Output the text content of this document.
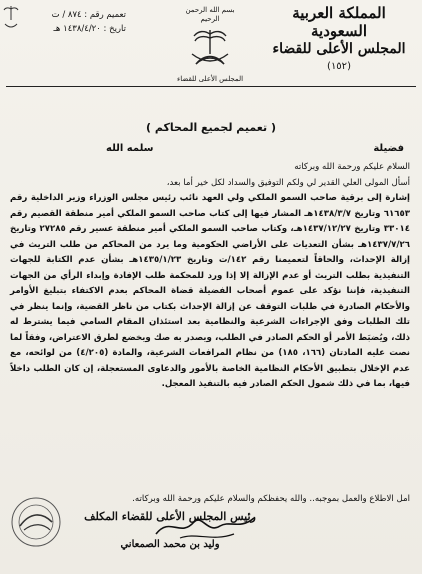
المملكة العربية السعودية
المجلس الأعلى للقضاء
(١٥٢)
بسم الله الرحمن الرحيم
المجلس الأعلى للقضاء
تعميم رقم : ٨٧٤ / ت
تاريخ : ١٤٣٨/٤/٢٠ هـ
( تعميم لجميع المحاكم )
فضيلة
سلمه الله

السلام عليكم ورحمة الله وبركاته

أسأل المولى العلي القدير لي ولكم التوفيق والسداد لكل خير أما بعد،

إشارة إلى برقية صاحب السمو الملكي ولي العهد نائب رئيس مجلس الوزراء وزير الداخلية رقم ٦١٦٥٣ وتاريخ ١٤٣٨/٣/٧هـ المشار فيها إلى كتاب صاحب السمو الملكي أمير منطقة القصيم رقم ٣٣٠١٤ وتاريخ ١٤٣٧/١٢/٢٧هـ، وكتاب صاحب السمو الملكي أمير منطقة عسير رقم ٢٧٢٨٥ وتاريخ ١٤٣٧/٧/٢٦هـ بشأن التعديات على الأراضي الحكومية وما يرد من المحاكم من طلب التريث في إزالة الإحداث، والحاقاً لتعميمنا رقم ١٤٢/ت وتاريخ ١٤٣٥/١/٢٣هـ بشأن عدم الكتابة للجهات التنفيذية بطلب التريث أو عدم الإزالة إلا إذا ورد للمحكمة طلب الإفادة وإبداء الرأي من الجهات التنفيذية، فإننا نؤكد على عموم أصحاب الفضيلة قضاة المحاكم بعدم الاكتفاء بتبليغ الأوامر والأحكام الصادرة في طلبات التوقف عن إزالة الإحداث بكتاب من ناظر القضية، وإنما ينظر في تلك الطلبات وفق الإجراءات الشرعية والنظامية بعد استئذان المقام السامي فيما يشترط له ذلك، ويُضبَط الأمر أو الحكم الصادر في الطلب، ويصدر به صك ويخضع لطرق الاعتراض، وفقاً لما نصت عليه المادتان (١٦٦، ١٨٥) من نظام المرافعات الشرعية، والمادة (٤/٢٠٥) من لوائحه، مع عدم الإخلال بتطبيق الأحكام النظامية الخاصة بالأمور والدعاوى المستعجلة، إن كان الطلب داخلاً فيها، بما في ذلك شمول الحكم الصادر فيه بالتنفيذ المعجل.

امل الاطلاع والعمل بموجبه.. والله يحفظكم والسلام عليكم ورحمة الله وبركاته.
رئيس المجلس الأعلى للقضاء المكلف
وليد بن محمد الصمعاني
